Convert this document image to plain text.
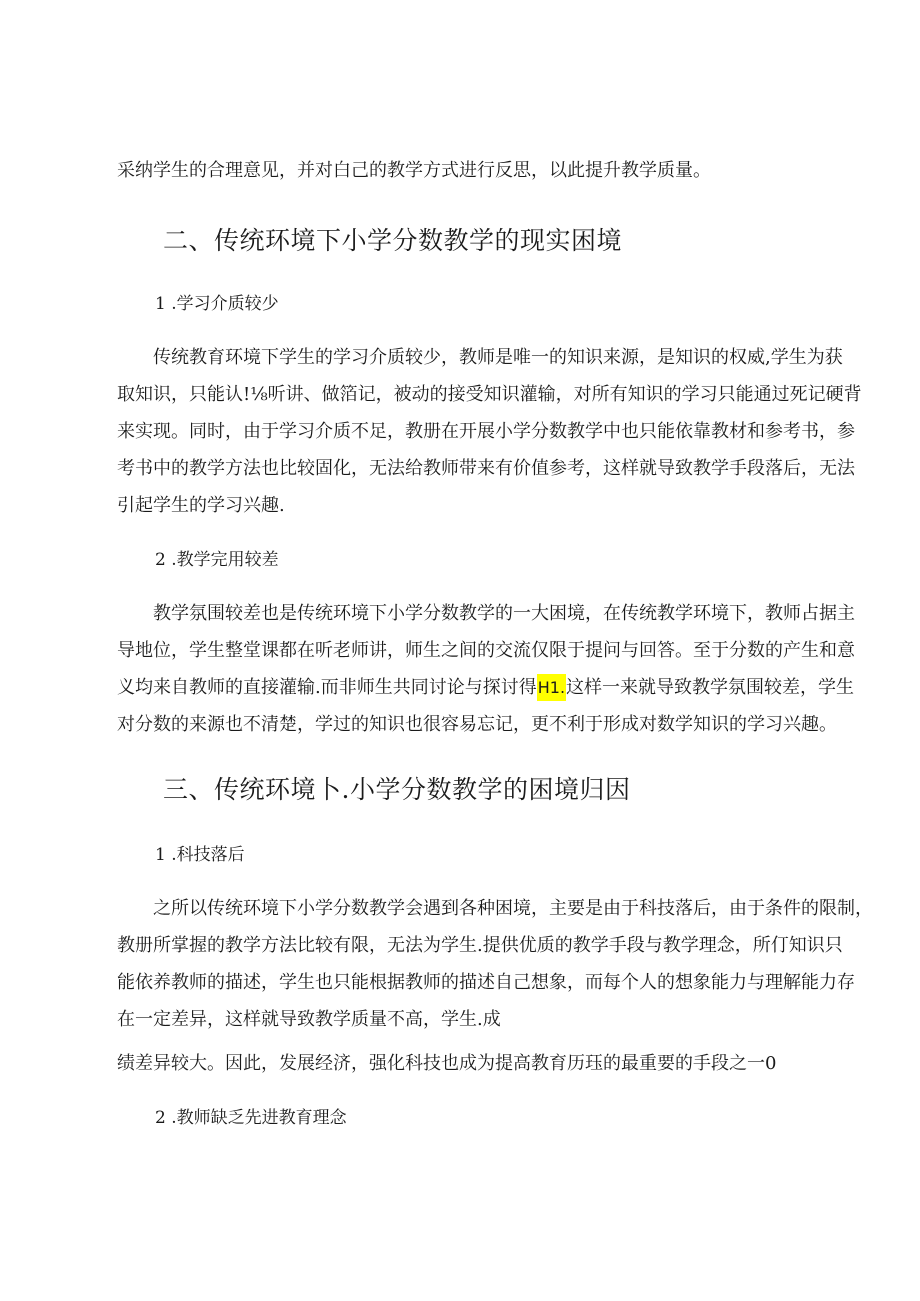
采纳学生的合理意见，并对白己的教学方式进行反思，以此提升教学质量。
二、传统环境下小学分数教学的现实困境
1 .学习介质较少
传统教育环境下学生的学习介质较少，教师是唯一的知识来源，是知识的权威,学生为获
取知识，只能认!⅛听讲、做箔记，被动的接受知识灌输，对所有知识的学习只能通过死记硬背
来实现。同时，由于学习介质不足，教册在开展小学分数教学中也只能依靠教材和参考书，参
考书中的教学方法也比较固化，无法给教师带来有价值参考，这样就导致教学手段落后，无法
引起学生的学习兴趣.
2 .教学完用较差
教学氛围较差也是传统环境下小学分数教学的一大困境，在传统教学环境下，教师占据主
导地位，学生整堂课都在听老师讲，师生之间的交流仅限于提问与回答。至于分数的产生和意
义均来自教师的直接灌输.而非师生共同讨论与探讨得H1.这样一来就导致教学氛围较差，学生
对分数的来源也不清楚，学过的知识也很容易忘记，更不利于形成对数学知识的学习兴趣。
三、传统环境卜.小学分数教学的困境归因
1 .科技落后
之所以传统环境下小学分数教学会遇到各种困境，主要是由于科技落后，由于条件的限制，
教册所掌握的教学方法比较有限，无法为学生.提供优质的教学手段与教学理念，所仃知识只
能依养教师的描述，学生也只能根据教师的描述自己想象，而每个人的想象能力与理解能力存
在一定差异，这样就导致教学质量不高，学生.成
绩差异较大。因此，发展经济，强化科技也成为提高教育历珏的最重要的手段之一0
2 .教师缺乏先进教育理念
